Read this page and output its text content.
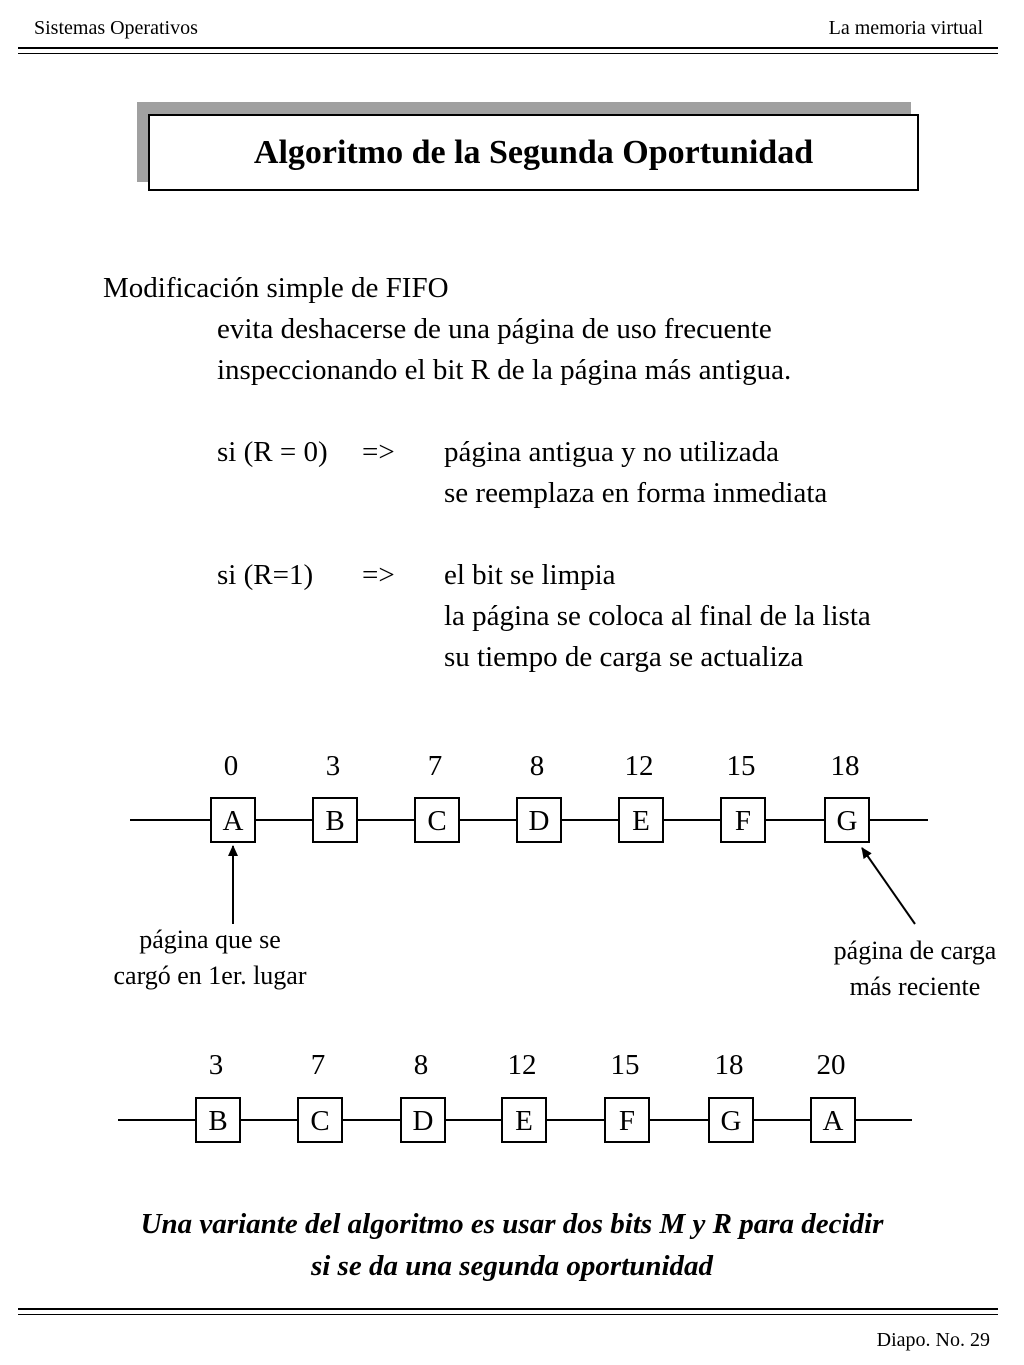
Sistemas Operativos	La memoria virtual
Algoritmo de la Segunda Oportunidad
Modificación simple de FIFO
evita deshacerse de una página de uso frecuente
inspeccionando el bit R de la página más antigua.
si (R = 0) => página antigua y no utilizada
se reemplaza en forma inmediata
si (R=1) => el bit se limpia
la página se coloca al final de la lista
su tiempo de carga se actualiza
A
0
B
3
C
7
D
8
E
12
F
15
G
18
B
3
C
7
D
8
E
12
F
15
G
18
A
20
página que se
cargó en 1er. lugar
página de carga
más reciente
Una variante del algoritmo es usar dos bits M y R para decidir
si se da una segunda oportunidad
Diapo. No. 29
